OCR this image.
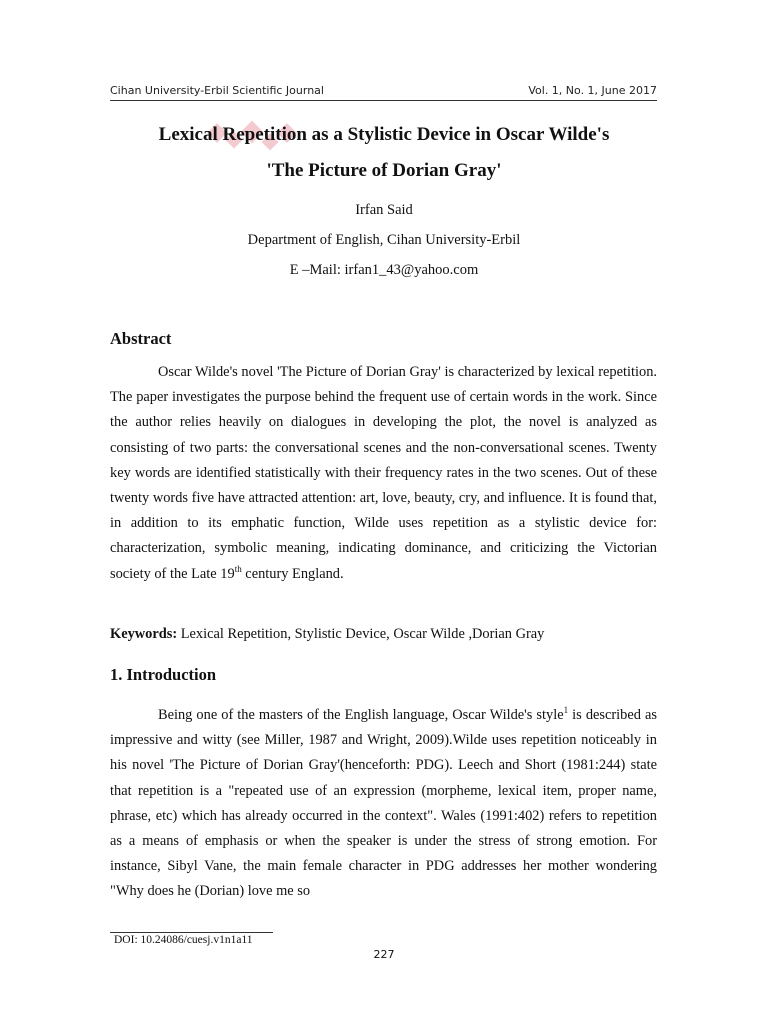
Cihan University-Erbil Scientific Journal	Vol. 1, No. 1, June 2017
Lexical Repetition as a Stylistic Device in Oscar Wilde's
'The Picture of Dorian Gray'
Irfan Said
Department of English, Cihan University-Erbil
E –Mail: irfan1_43@yahoo.com
Abstract

Oscar Wilde's novel 'The Picture of Dorian Gray' is characterized by lexical repetition. The paper investigates the purpose behind the frequent use of certain words in the work. Since the author relies heavily on dialogues in developing the plot, the novel is analyzed as consisting of two parts: the conversational scenes and the non-conversational scenes. Twenty key words are identified statistically with their frequency rates in the two scenes. Out of these twenty words five have attracted attention: art, love, beauty, cry, and influence. It is found that, in addition to its emphatic function, Wilde uses repetition as a stylistic device for: characterization, symbolic meaning, indicating dominance, and criticizing the Victorian society of the Late 19th century England.

Keywords: Lexical Repetition, Stylistic Device, Oscar Wilde ,Dorian Gray
1. Introduction

Being one of the masters of the English language, Oscar Wilde's style$^1$ is described as impressive and witty (see Miller, 1987 and Wright, 2009).Wilde uses repetition noticeably in his novel 'The Picture of Dorian Gray'(henceforth: PDG). Leech and Short (1981:244) state that repetition is a "repeated use of an expression (morpheme, lexical item, proper name, phrase, etc) which has already occurred in the context". Wales (1991:402) refers to repetition as a means of emphasis or when the speaker is under the stress of strong emotion. For instance, Sibyl Vane, the main female character in PDG addresses her mother wondering "Why does he (Dorian) love me so

DOI: 10.24086/cuesj.v1n1a11
227
